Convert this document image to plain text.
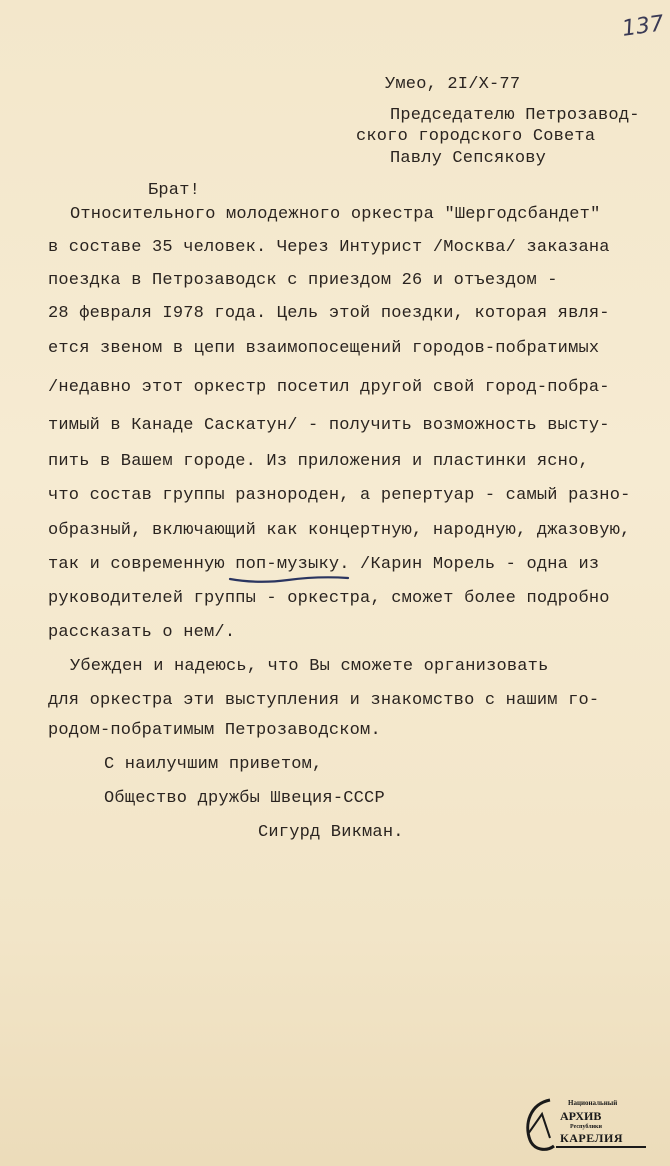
137
Умео, 2I/X-77
Председателю Петрозавод-
ского городского Совета
Павлу Сепсякову
Брат!
Относительного молодежного оркестра "Шергодсбандет"
в составе 35 человек. Через Интурист /Москва/ заказана
поездка в Петрозаводск с приездом 26 и отъездом -
28 февраля I978 года. Цель этой поездки, которая явля-
ется звеном в цепи взаимопосещений городов-побратимых
/недавно этот оркестр посетил другой свой город-побра-
тимый в Канаде Саскатун/ - получить возможность высту-
пить в Вашем городе. Из приложения и пластинки ясно,
что состав группы разнороден, а репертуар - самый разно-
образный, включающий как концертную, народную, джазовую,
так и современную поп-музыку. /Карин Морель - одна из
руководителей группы - оркестра, сможет более подробно
рассказать о нем/.
Убежден и надеюсь, что Вы сможете организовать
для оркестра эти выступления и знакомство с нашим го-
родом-побратимым Петрозаводском.
С наилучшим приветом,
Общество дружбы Швеция-СССР
Сигурд Викман.
Национальный
АРХИВ
Республики
КАРЕЛИЯ
